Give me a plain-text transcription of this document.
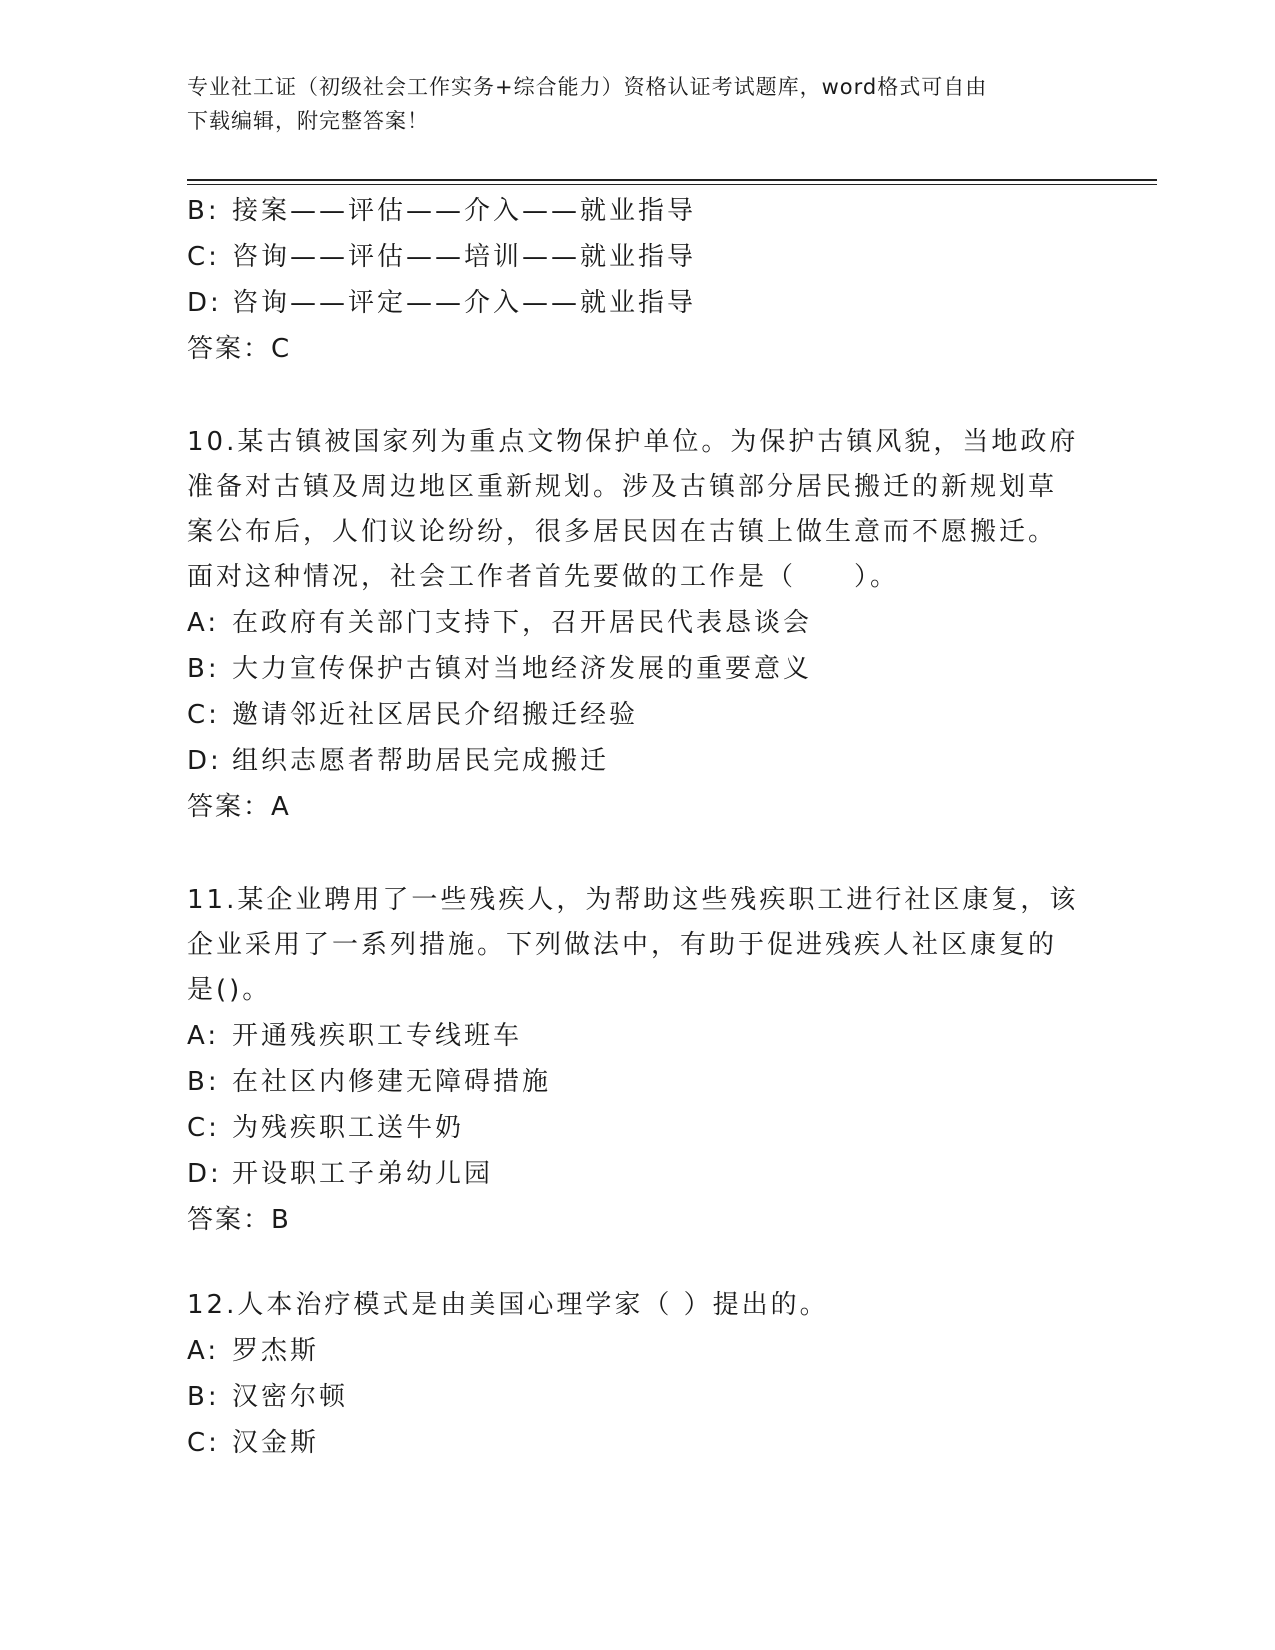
专业社工证（初级社会工作实务+综合能力）资格认证考试题库，word格式可自由
下载编辑，附完整答案！
B: 接案——评估——介入——就业指导
C: 咨询——评估——培训——就业指导
D: 咨询——评定——介入——就业指导
答案：C
10.某古镇被国家列为重点文物保护单位。为保护古镇风貌，当地政府
准备对古镇及周边地区重新规划。涉及古镇部分居民搬迁的新规划草
案公布后，人们议论纷纷，很多居民因在古镇上做生意而不愿搬迁。
面对这种情况，社会工作者首先要做的工作是（　　）。
A: 在政府有关部门支持下，召开居民代表恳谈会
B: 大力宣传保护古镇对当地经济发展的重要意义
C: 邀请邻近社区居民介绍搬迁经验
D: 组织志愿者帮助居民完成搬迁
答案：A
11.某企业聘用了一些残疾人，为帮助这些残疾职工进行社区康复，该
企业采用了一系列措施。下列做法中，有助于促进残疾人社区康复的
是()。
A: 开通残疾职工专线班车
B: 在社区内修建无障碍措施
C: 为残疾职工送牛奶
D: 开设职工子弟幼儿园
答案：B
12.人本治疗模式是由美国心理学家（ ）提出的。
A: 罗杰斯
B: 汉密尔顿
C: 汉金斯
